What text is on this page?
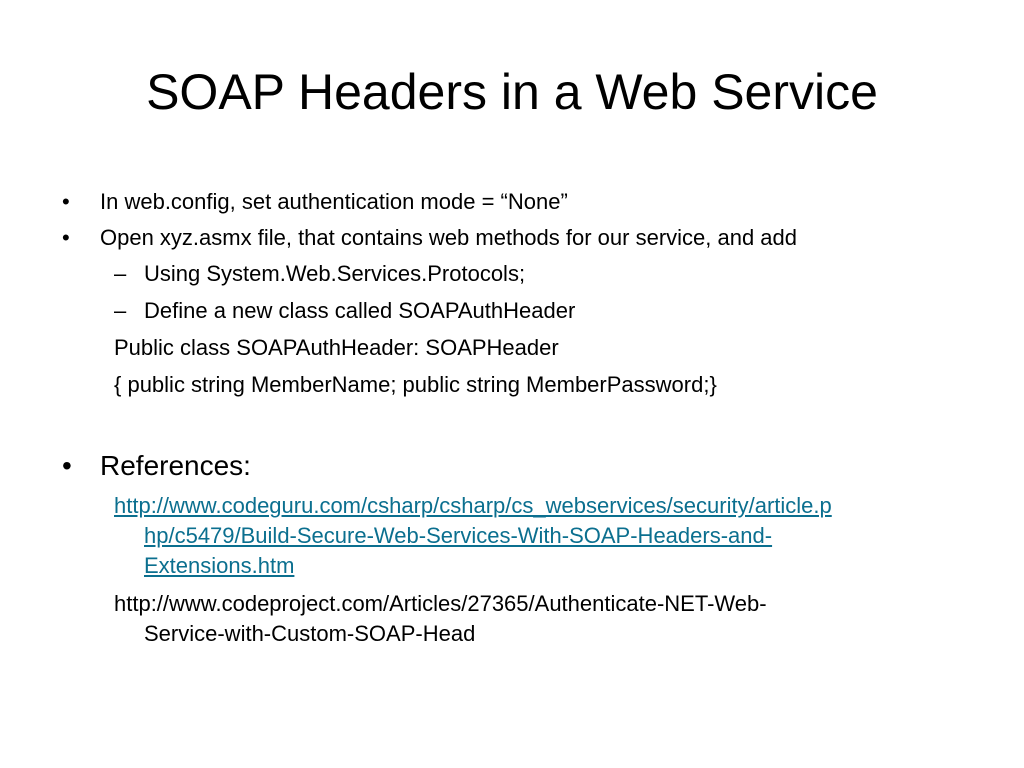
SOAP Headers in a Web Service
• In web.config, set authentication mode = “None”
• Open xyz.asmx file, that contains web methods for our service, and add
– Using System.Web.Services.Protocols;
– Define a new class called SOAPAuthHeader
Public class SOAPAuthHeader: SOAPHeader
{ public string MemberName; public string MemberPassword;}
• References:
http://www.codeguru.com/csharp/csharp/cs_webservices/security/article.p
hp/c5479/Build-Secure-Web-Services-With-SOAP-Headers-and-
Extensions.htm
http://www.codeproject.com/Articles/27365/Authenticate-NET-Web-
Service-with-Custom-SOAP-Head
